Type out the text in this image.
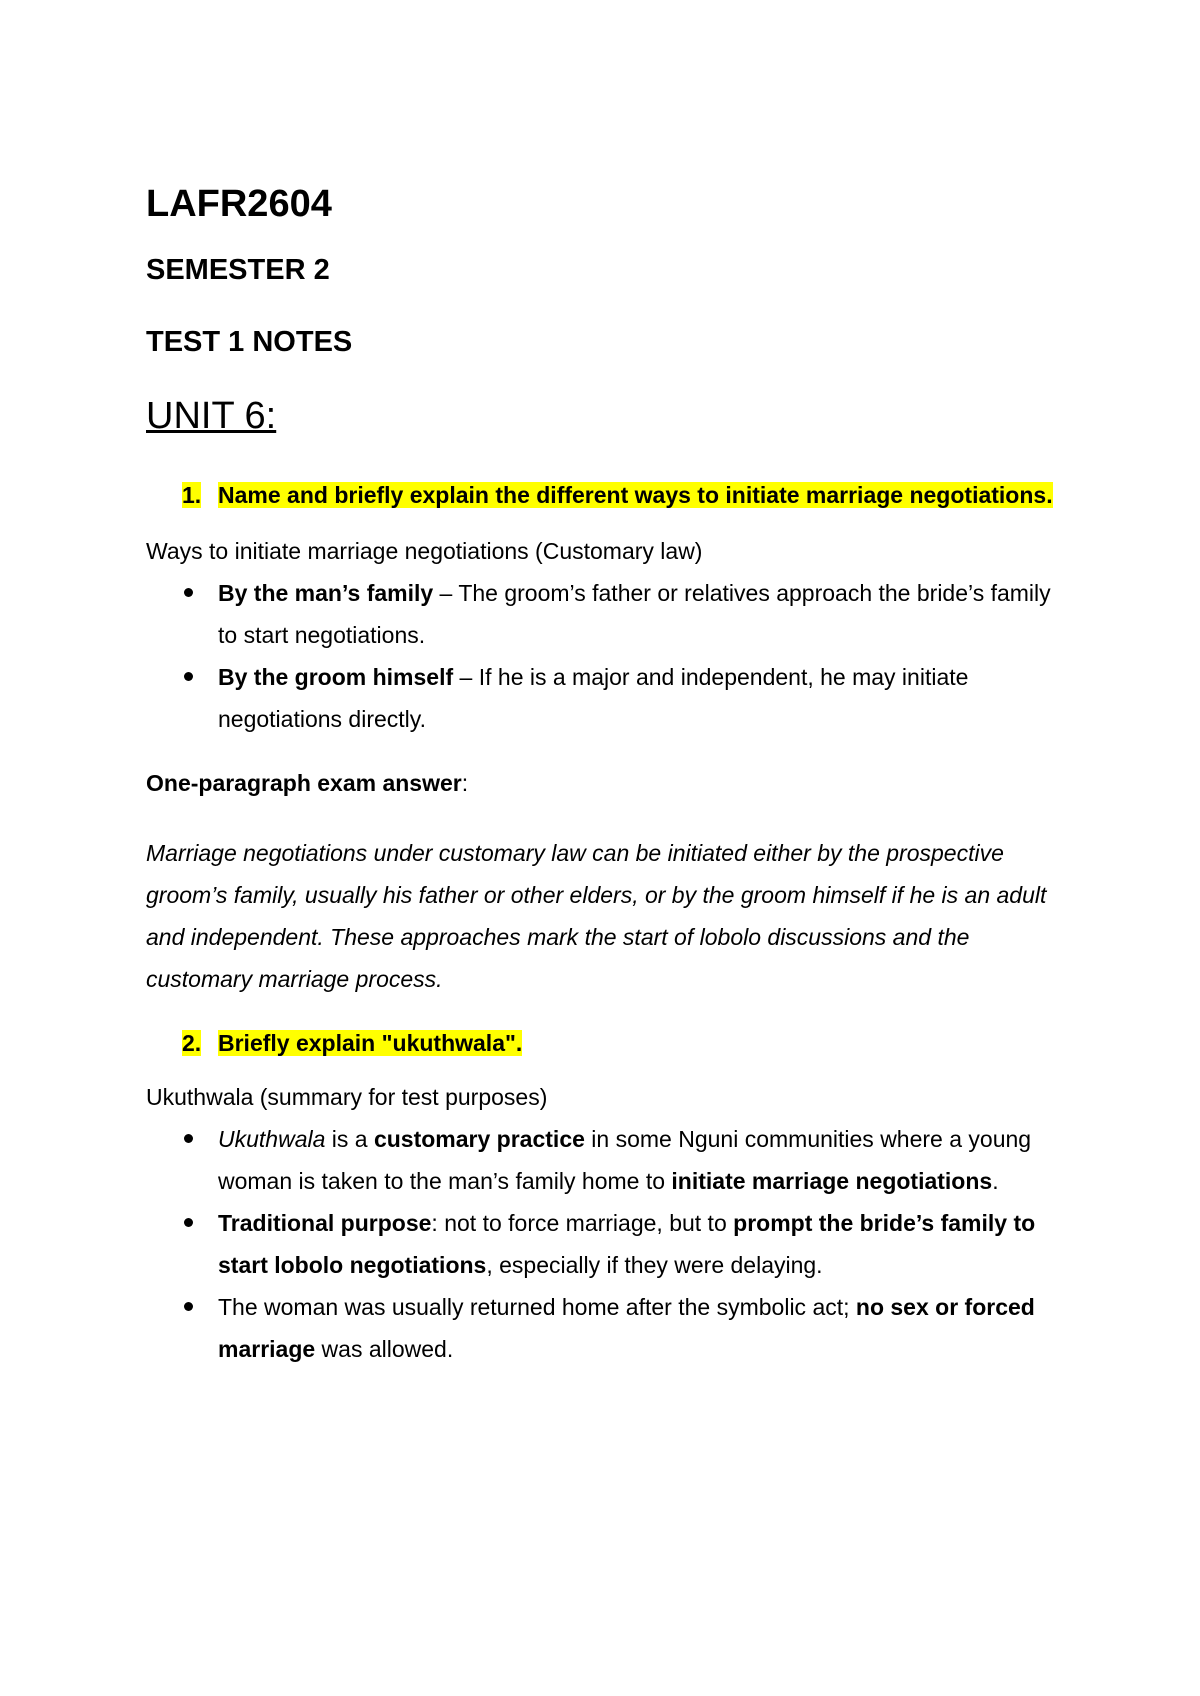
LAFR2604
SEMESTER 2
TEST 1 NOTES
UNIT 6:
1. Name and briefly explain the different ways to initiate marriage negotiations.

Ways to initiate marriage negotiations (Customary law)

By the man’s family – The groom’s father or relatives approach the bride’s family to start negotiations.
By the groom himself – If he is a major and independent, he may initiate negotiations directly.
One-paragraph exam answer:
Marriage negotiations under customary law can be initiated either by the prospective groom’s family, usually his father or other elders, or by the groom himself if he is an adult and independent. These approaches mark the start of lobolo discussions and the customary marriage process.
2. Briefly explain "ukuthwala".

Ukuthwala (summary for test purposes)

Ukuthwala is a customary practice in some Nguni communities where a young woman is taken to the man’s family home to initiate marriage negotiations.
Traditional purpose: not to force marriage, but to prompt the bride’s family to start lobolo negotiations, especially if they were delaying.
The woman was usually returned home after the symbolic act; no sex or forced marriage was allowed.
